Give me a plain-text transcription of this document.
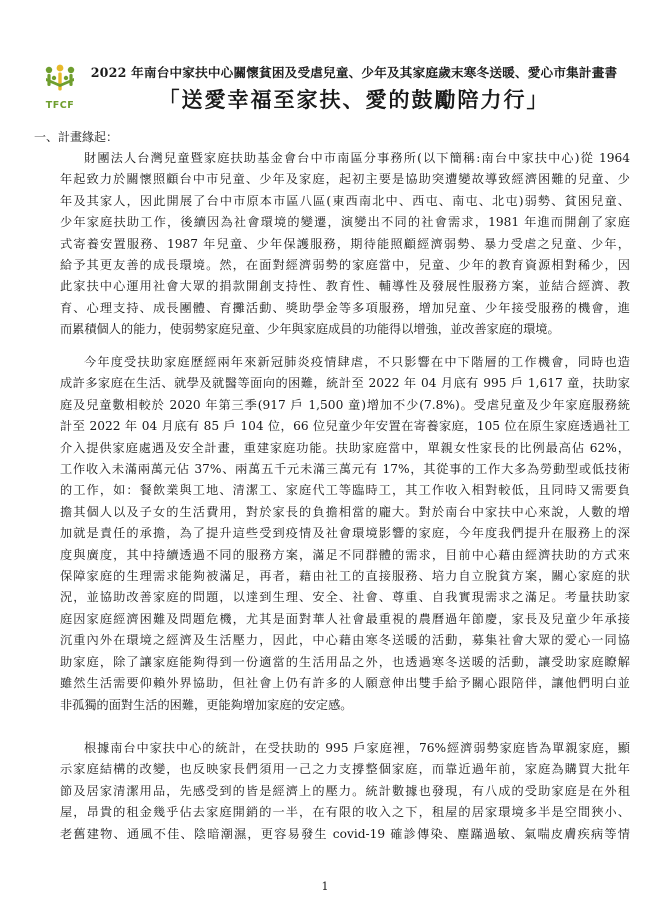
TFCF
2022 年南台中家扶中心關懷貧困及受虐兒童、少年及其家庭歲末寒冬送暖、愛心市集計畫書
「送愛幸福至家扶、愛的鼓勵陪力行」
一、計畫緣起：
財團法人台灣兒童暨家庭扶助基金會台中市南區分事務所(以下簡稱:南台中家扶中心)從 1964
年起致力於關懷照顧台中市兒童、少年及家庭，起初主要是協助突遭變故導致經濟困難的兒童、少
年及其家人，因此開展了台中市原本市區八區(東西南北中、西屯、南屯、北屯)弱勢、貧困兒童、
少年家庭扶助工作，後續因為社會環境的變遷，演變出不同的社會需求，1981 年進而開創了家庭
式寄養安置服務、1987 年兒童、少年保護服務，期待能照顧經濟弱勢、暴力受虐之兒童、少年，
給予其更友善的成長環境。然，在面對經濟弱勢的家庭當中，兒童、少年的教育資源相對稀少，因
此家扶中心運用社會大眾的捐款開創支持性、教育性、輔導性及發展性服務方案，並結合經濟、教
育、心理支持、成長團體、育攤活動、獎助學金等多項服務，增加兒童、少年接受服務的機會，進
而累積個人的能力，使弱勢家庭兒童、少年與家庭成員的功能得以增強，並改善家庭的環境。
今年度受扶助家庭歷經兩年來新冠肺炎疫情肆虐，不只影響在中下階層的工作機會，同時也造
成許多家庭在生活、就學及就醫等面向的困難，統計至 2022 年 04 月底有 995 戶 1,617 童，扶助家
庭及兒童數相較於 2020 年第三季(917 戶 1,500 童)增加不少(7.8%)。受虐兒童及少年家庭服務統
計至 2022 年 04 月底有 85 戶 104 位，66 位兒童少年安置在寄養家庭，105 位在原生家庭透過社工
介入提供家庭處遇及安全計畫，重建家庭功能。扶助家庭當中，單親女性家長的比例最高佔 62%，
工作收入未滿兩萬元佔 37%、兩萬五千元未滿三萬元有 17%，其從事的工作大多為勞動型或低技術
的工作，如：餐飲業與工地、清潔工、家庭代工等臨時工，其工作收入相對較低，且同時又需要負
擔其個人以及子女的生活費用，對於家長的負擔相當的龐大。對於南台中家扶中心來說，人數的增
加就是責任的承擔，為了提升這些受到疫情及社會環境影響的家庭，今年度我們提升在服務上的深
度與廣度，其中持續透過不同的服務方案，滿足不同群體的需求，目前中心藉由經濟扶助的方式來
保障家庭的生理需求能夠被滿足，再者，藉由社工的直接服務、培力自立脫貧方案，關心家庭的狀
況，並協助改善家庭的問題，以達到生理、安全、社會、尊重、自我實現需求之滿足。考量扶助家
庭因家庭經濟困難及問題危機，尤其是面對華人社會最重視的農曆過年節慶，家長及兒童少年承接
沉重內外在環境之經濟及生活壓力，因此，中心藉由寒冬送暖的活動，募集社會大眾的愛心一同協
助家庭，除了讓家庭能夠得到一份適當的生活用品之外，也透過寒冬送暖的活動，讓受助家庭瞭解
雖然生活需要仰賴外界協助，但社會上仍有許多的人願意伸出雙手給予關心跟陪伴，讓他們明白並
非孤獨的面對生活的困難，更能夠增加家庭的安定感。
根據南台中家扶中心的統計，在受扶助的 995 戶家庭裡，76%經濟弱勢家庭皆為單親家庭，顯
示家庭結構的改變，也反映家長們須用一己之力支撐整個家庭，而靠近過年前，家庭為購買大批年
節及居家清潔用品，先感受到的皆是經濟上的壓力。統計數據也發現，有八成的受助家庭是在外租
屋，昂貴的租金幾乎佔去家庭開銷的一半，在有限的收入之下，租屋的居家環境多半是空間狹小、
老舊建物、通風不佳、陰暗潮濕，更容易發生 covid-19 確診傳染、塵蹣過敏、氣喘皮膚疾病等情
1
